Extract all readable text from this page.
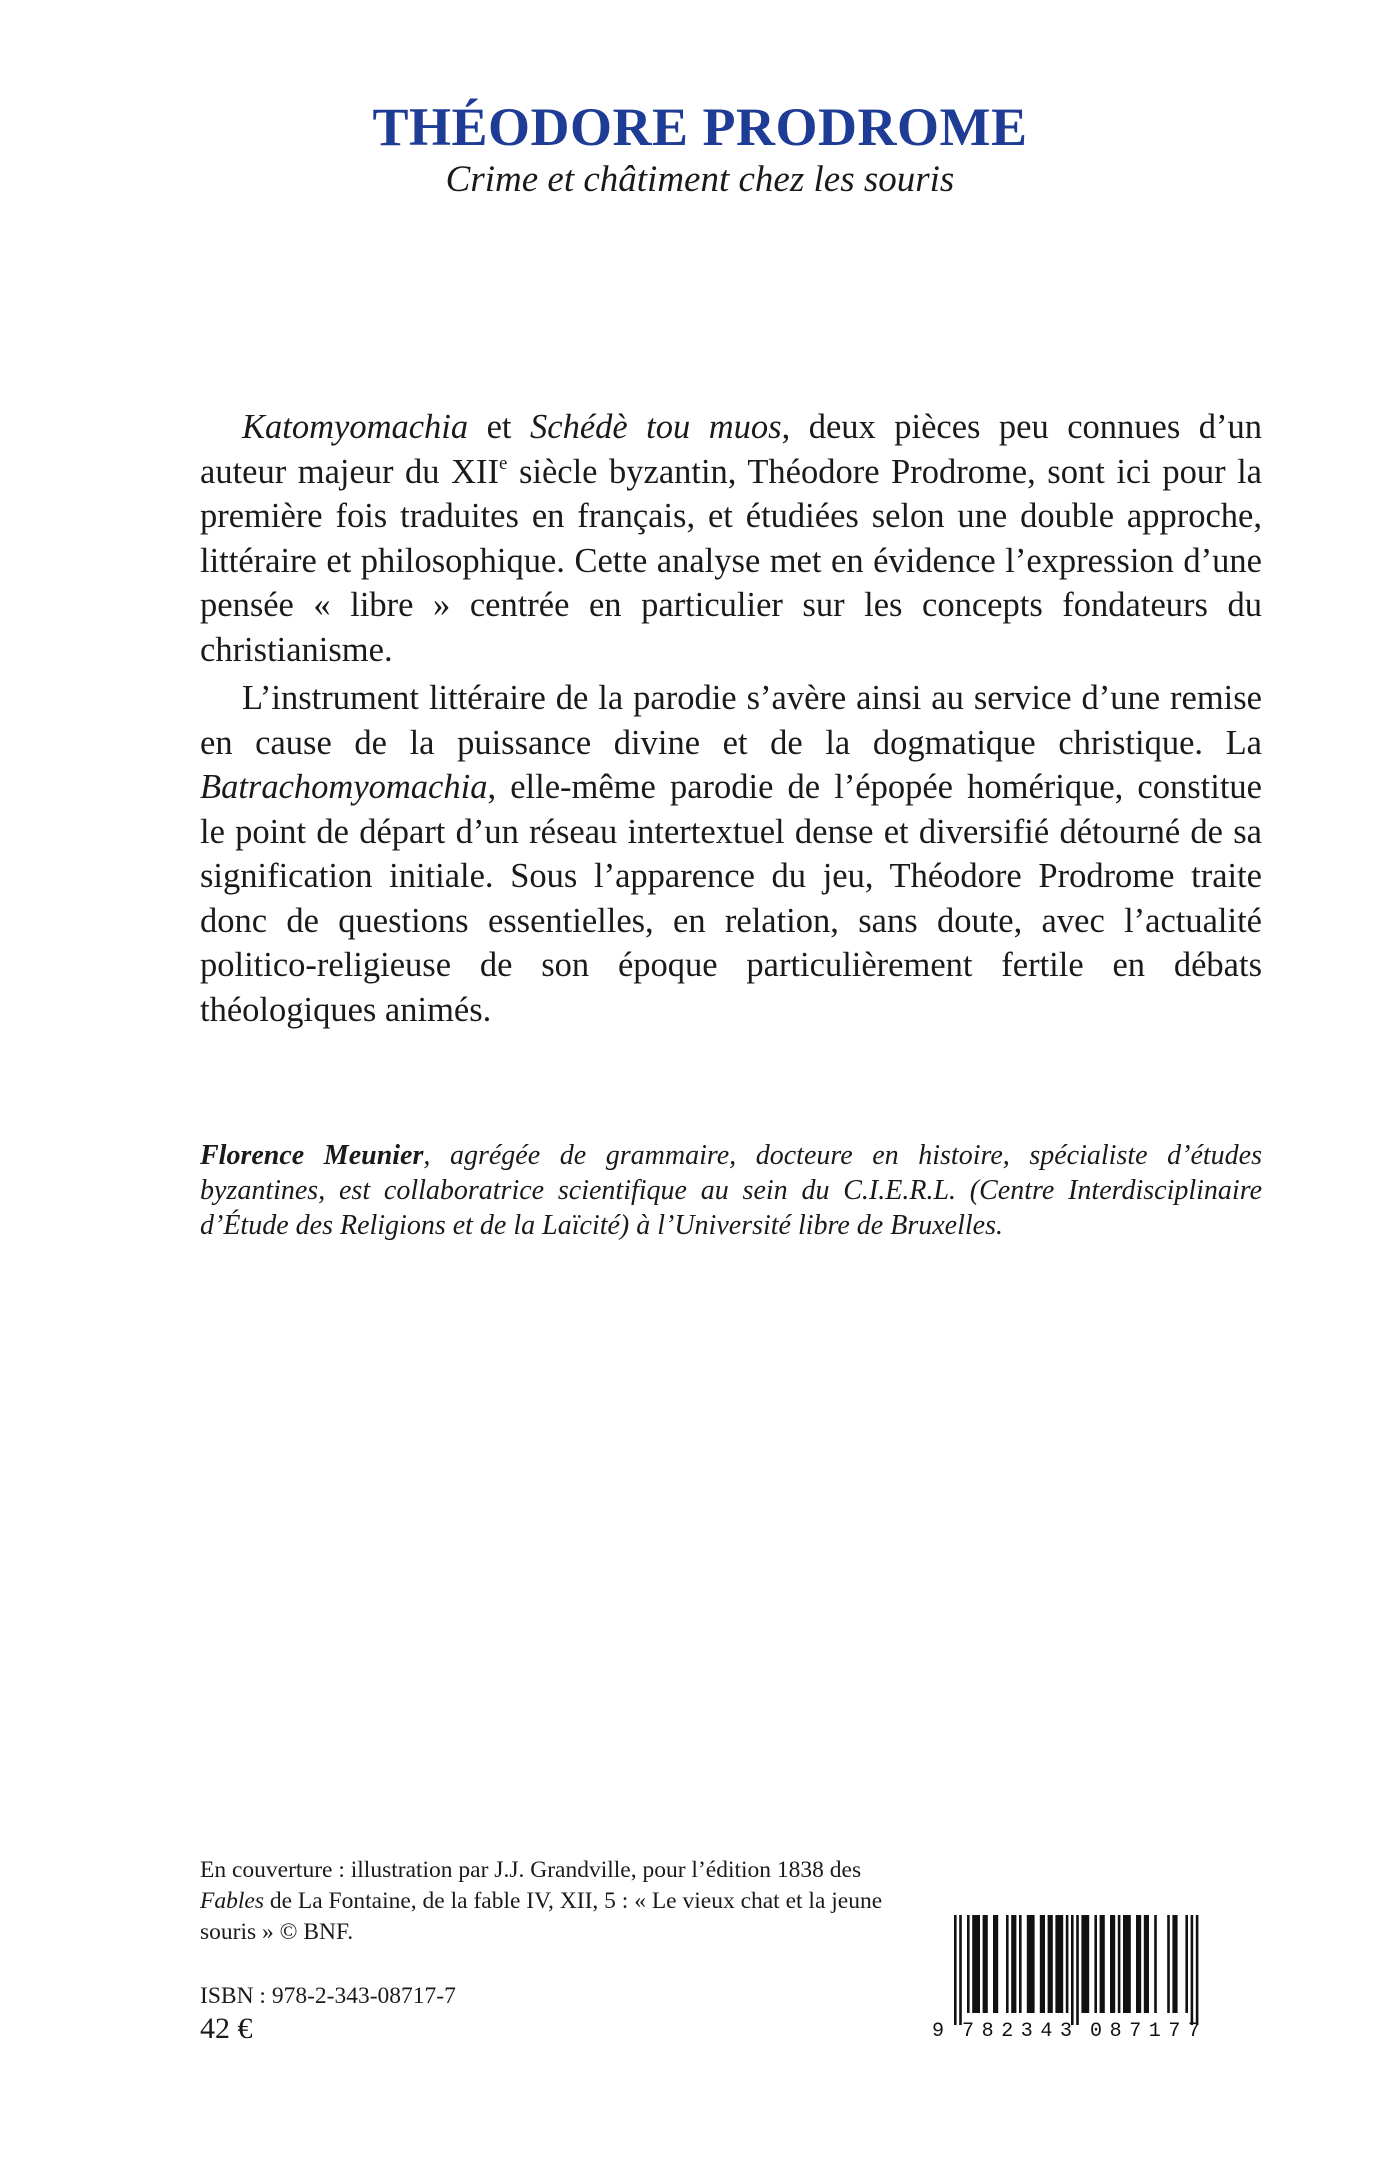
THÉODORE PRODROME
Crime et châtiment chez les souris

Katomyomachia et Schédè tou muos, deux pièces peu connues d’un auteur majeur du XIIe siècle byzantin, Théodore Prodrome, sont ici pour la première fois traduites en français, et étudiées selon une double approche, littéraire et philosophique. Cette analyse met en évidence l’expression d’une pensée « libre » centrée en particulier sur les concepts fondateurs du christianisme.

L’instrument littéraire de la parodie s’avère ainsi au service d’une remise en cause de la puissance divine et de la dogmatique christique. La Batrachomyomachia, elle-même parodie de l’épopée homérique, constitue le point de départ d’un réseau intertextuel dense et diversifié détourné de sa signification initiale. Sous l’apparence du jeu, Théodore Prodrome traite donc de questions essentielles, en relation, sans doute, avec l’actualité politico-religieuse de son époque particulièrement fertile en débats théologiques animés.

Florence Meunier, agrégée de grammaire, docteure en histoire, spécialiste d’études byzantines, est collaboratrice scientifique au sein du C.I.E.R.L. (Centre Interdisciplinaire d’Étude des Religions et de la Laïcité) à l’Université libre de Bruxelles.

En couverture : illustration par J.J. Grandville, pour l’édition 1838 des Fables de La Fontaine, de la fable IV, XII, 5 : « Le vieux chat et la jeune souris » © BNF.

ISBN : 978-2-343-08717-7
42 €	9 782343 087177
